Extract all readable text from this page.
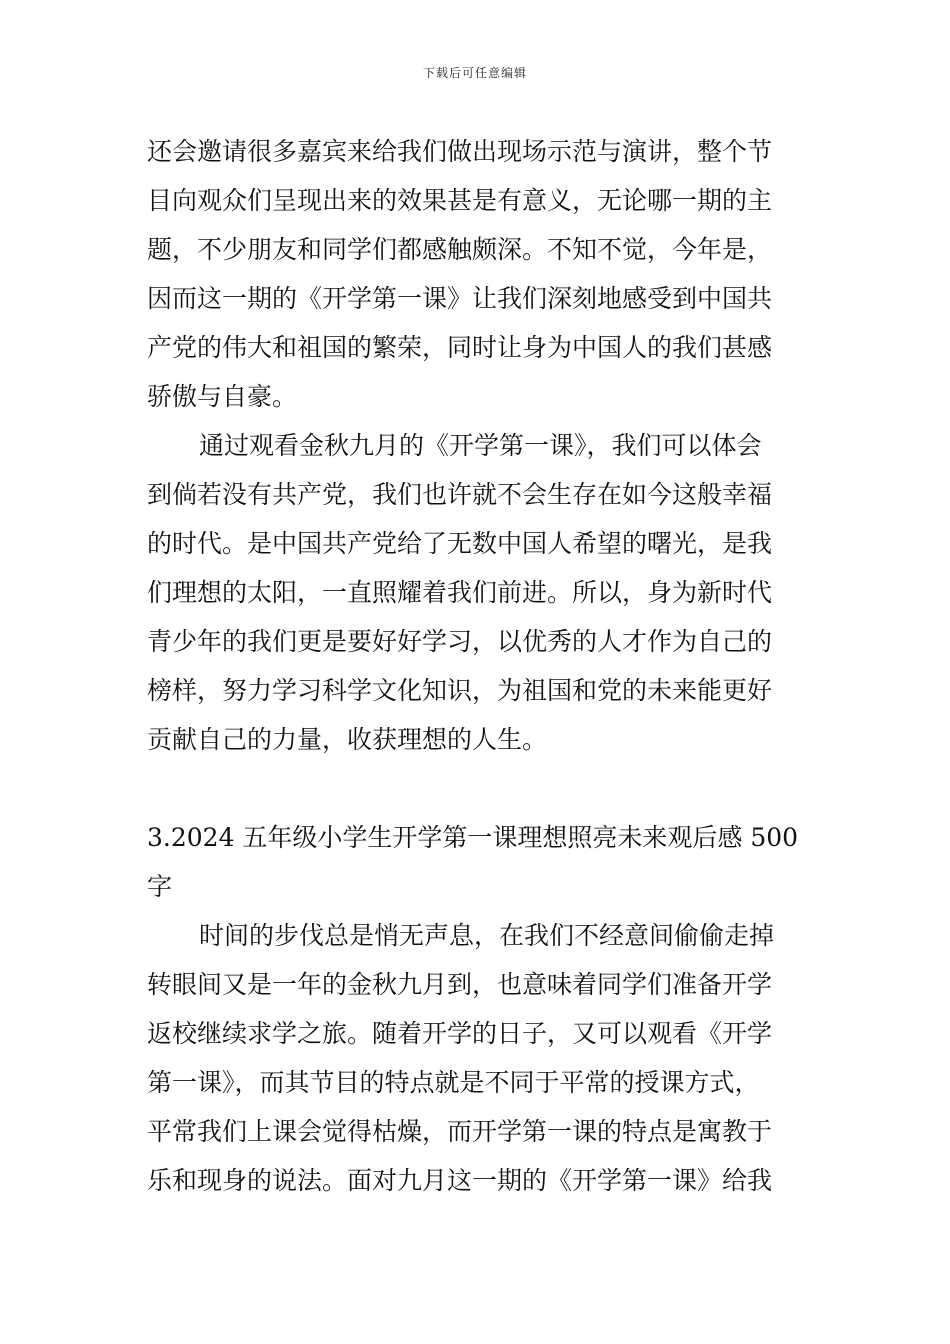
下载后可任意编辑
还会邀请很多嘉宾来给我们做出现场示范与演讲，整个节
目向观众们呈现出来的效果甚是有意义，无论哪一期的主
题，不少朋友和同学们都感触颇深。不知不觉，今年是，
因而这一期的《开学第一课》让我们深刻地感受到中国共
产党的伟大和祖国的繁荣，同时让身为中国人的我们甚感
骄傲与自豪。
通过观看金秋九月的《开学第一课》，我们可以体会
到倘若没有共产党，我们也许就不会生存在如今这般幸福
的时代。是中国共产党给了无数中国人希望的曙光，是我
们理想的太阳，一直照耀着我们前进。所以，身为新时代
青少年的我们更是要好好学习，以优秀的人才作为自己的
榜样，努力学习科学文化知识，为祖国和党的未来能更好
贡献自己的力量，收获理想的人生。
3.2024 五年级小学生开学第一课理想照亮未来观后感 500
字
时间的步伐总是悄无声息，在我们不经意间偷偷走掉
转眼间又是一年的金秋九月到，也意味着同学们准备开学
返校继续求学之旅。随着开学的日子，又可以观看《开学
第一课》，而其节目的特点就是不同于平常的授课方式，
平常我们上课会觉得枯燥，而开学第一课的特点是寓教于
乐和现身的说法。面对九月这一期的《开学第一课》给我
